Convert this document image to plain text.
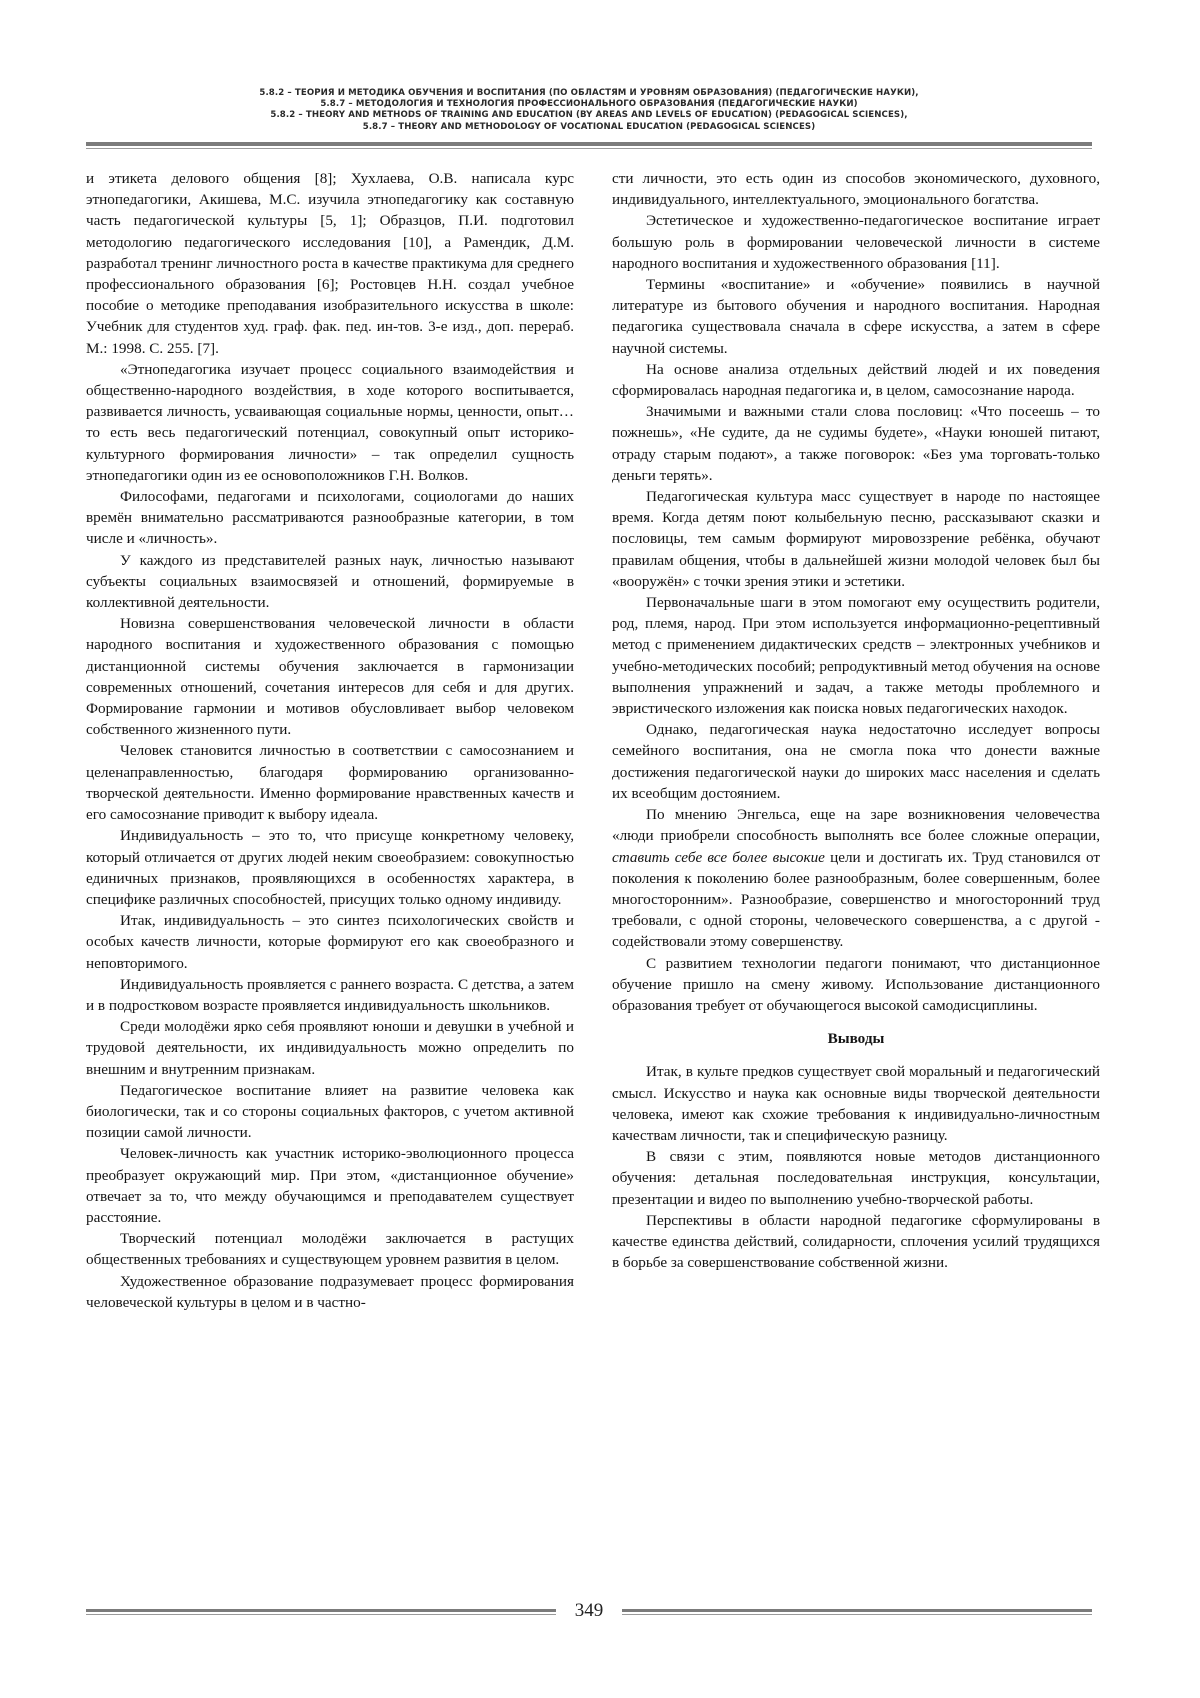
5.8.2 – ТЕОРИЯ И МЕТОДИКА ОБУЧЕНИЯ И ВОСПИТАНИЯ (ПО ОБЛАСТЯМ И УРОВНЯМ ОБРАЗОВАНИЯ) (ПЕДАГОГИЧЕСКИЕ НАУКИ),
5.8.7 – МЕТОДОЛОГИЯ И ТЕХНОЛОГИЯ ПРОФЕССИОНАЛЬНОГО ОБРАЗОВАНИЯ (ПЕДАГОГИЧЕСКИЕ НАУКИ)
5.8.2 – THEORY AND METHODS OF TRAINING AND EDUCATION (BY AREAS AND LEVELS OF EDUCATION) (PEDAGOGICAL SCIENCES),
5.8.7 – THEORY AND METHODOLOGY OF VOCATIONAL EDUCATION (PEDAGOGICAL SCIENCES)

и этикета делового общения [8]; Хухлаева, О.В. написала курс этнопедагогики, Акишева, М.С. изучила этнопедагогику как составную часть педагогической культуры [5, 1]; Образцов, П.И. подготовил методологию педагогического исследования [10], а Рамендик, Д.М. разработал тренинг личностного роста в качестве практикума для среднего профессионального образования [6]; Ростовцев Н.Н. создал учебное пособие о методике преподавания изобразительного искусства в школе: Учебник для студентов худ. граф. фак. пед. ин-тов. 3-е изд., доп. перераб. М.: 1998. С. 255. [7].

«Этнопедагогика изучает процесс социального взаимодействия и общественно-народного воздействия, в ходе которого воспитывается, развивается личность, усваивающая социальные нормы, ценности, опыт… то есть весь педагогический потенциал, совокупный опыт историко-культурного формирования личности» – так определил сущность этнопедагогики один из ее основоположников Г.Н. Волков.

Философами, педагогами и психологами, социологами до наших времён внимательно рассматриваются разнообразные категории, в том числе и «личность».

У каждого из представителей разных наук, личностью называют субъекты социальных взаимосвязей и отношений, формируемые в коллективной деятельности.

Новизна совершенствования человеческой личности в области народного воспитания и художественного образования с помощью дистанционной системы обучения заключается в гармонизации современных отношений, сочетания интересов для себя и для других. Формирование гармонии и мотивов обусловливает выбор человеком собственного жизненного пути.

Человек становится личностью в соответствии с самосознанием и целенаправленностью, благодаря формированию организованно-творческой деятельности. Именно формирование нравственных качеств и его самосознание приводит к выбору идеала.

Индивидуальность – это то, что присуще конкретному человеку, который отличается от других людей неким своеобразием: совокупностью единичных признаков, проявляющихся в особенностях характера, в специфике различных способностей, присущих только одному индивиду.

Итак, индивидуальность – это синтез психологических свойств и особых качеств личности, которые формируют его как своеобразного и неповторимого.

Индивидуальность проявляется с раннего возраста. С детства, а затем и в подростковом возрасте проявляется индивидуальность школьников.

Среди молодёжи ярко себя проявляют юноши и девушки в учебной и трудовой деятельности, их индивидуальность можно определить по внешним и внутренним признакам.

Педагогическое воспитание влияет на развитие человека как биологически, так и со стороны социальных факторов, с учетом активной позиции самой личности.

Человек-личность как участник историко-эволюционного процесса преобразует окружающий мир. При этом, «дистанционное обучение» отвечает за то, что между обучающимся и преподавателем существует расстояние.

Творческий потенциал молодёжи заключается в растущих общественных требованиях и существующем уровнем развития в целом.

Художественное образование подразумевает процесс формирования человеческой культуры в целом и в частно-

сти личности, это есть один из способов экономического, духовного, индивидуального, интеллектуального, эмоционального богатства.

Эстетическое и художественно-педагогическое воспитание играет большую роль в формировании человеческой личности в системе народного воспитания и художественного образования [11].

Термины «воспитание» и «обучение» появились в научной литературе из бытового обучения и народного воспитания. Народная педагогика существовала сначала в сфере искусства, а затем в сфере научной системы.

На основе анализа отдельных действий людей и их поведения сформировалась народная педагогика и, в целом, самосознание народа.

Значимыми и важными стали слова пословиц: «Что посеешь – то пожнешь», «Не судите, да не судимы будете», «Науки юношей питают, отраду старым подают», а также поговорок: «Без ума торговать-только деньги терять».

Педагогическая культура масс существует в народе по настоящее время. Когда детям поют колыбельную песню, рассказывают сказки и пословицы, тем самым формируют мировоззрение ребёнка, обучают правилам общения, чтобы в дальнейшей жизни молодой человек был бы «вооружён» с точки зрения этики и эстетики.

Первоначальные шаги в этом помогают ему осуществить родители, род, племя, народ. При этом используется информационно-рецептивный метод с применением дидактических средств – электронных учебников и учебно-методических пособий; репродуктивный метод обучения на основе выполнения упражнений и задач, а также методы проблемного и эвристического изложения как поиска новых педагогических находок.

Однако, педагогическая наука недостаточно исследует вопросы семейного воспитания, она не смогла пока что донести важные достижения педагогической науки до широких масс населения и сделать их всеобщим достоянием.

По мнению Энгельса, еще на заре возникновения человечества «люди приобрели способность выполнять все более сложные операции, ставить себе все более высокие цели и достигать их. Труд становился от поколения к поколению более разнообразным, более совершенным, более многосторонним». Разнообразие, совершенство и многосторонний труд требовали, с одной стороны, человеческого совершенства, а с другой - содействовали этому совершенству.

С развитием технологии педагоги понимают, что дистанционное обучение пришло на смену живому. Использование дистанционного образования требует от обучающегося высокой самодисциплины.

Выводы

Итак, в культе предков существует свой моральный и педагогический смысл. Искусство и наука как основные виды творческой деятельности человека, имеют как схожие требования к индивидуально-личностным качествам личности, так и специфическую разницу.

В связи с этим, появляются новые методов дистанционного обучения: детальная последовательная инструкция, консультации, презентации и видео по выполнению учебно-творческой работы.

Перспективы в области народной педагогике сформулированы в качестве единства действий, солидарности, сплочения усилий трудящихся в борьбе за совершенствование собственной жизни.

349
